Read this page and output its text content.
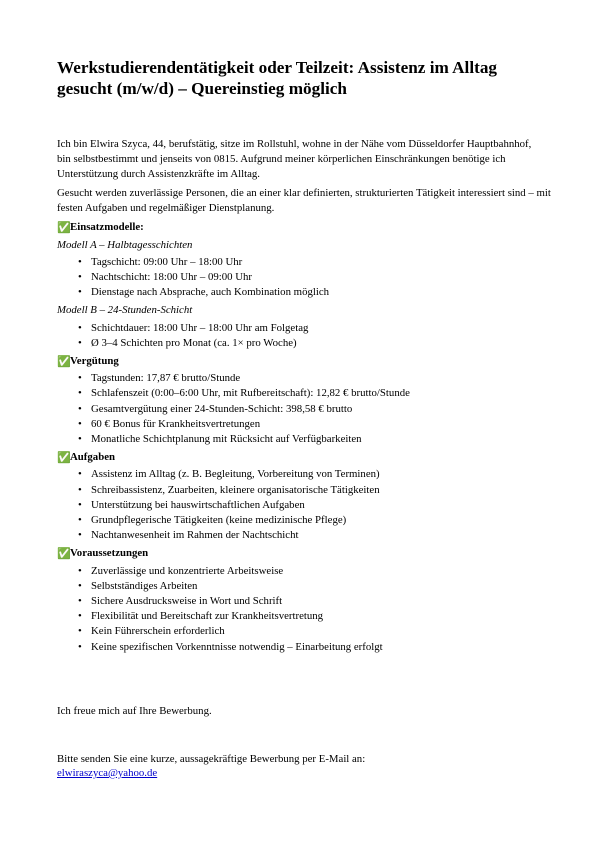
Werkstudierendentätigkeit oder Teilzeit: Assistenz im Alltag gesucht (m/w/d) – Quereinstieg möglich

Ich bin Elwira Szyca, 44, berufstätig, sitze im Rollstuhl, wohne in der Nähe vom Düsseldorfer Hauptbahnhof, bin selbstbestimmt und jenseits von 0815. Aufgrund meiner körperlichen Einschränkungen benötige ich Unterstützung durch Assistenzkräfte im Alltag.

Gesucht werden zuverlässige Personen, die an einer klar definierten, strukturierten Tätigkeit interessiert sind – mit festen Aufgaben und regelmäßiger Dienstplanung.

✅ Einsatzmodelle:
Modell A – Halbtagesschichten
• Tagschicht: 09:00 Uhr – 18:00 Uhr
• Nachtschicht: 18:00 Uhr – 09:00 Uhr
• Dienstage nach Absprache, auch Kombination möglich
Modell B – 24-Stunden-Schicht
• Schichtdauer: 18:00 Uhr – 18:00 Uhr am Folgetag
• Ø 3–4 Schichten pro Monat (ca. 1× pro Woche)
✅ Vergütung
• Tagstunden: 17,87 € brutto/Stunde
• Schlafenszeit (0:00–6:00 Uhr, mit Rufbereitschaft): 12,82 € brutto/Stunde
• Gesamtvergütung einer 24-Stunden-Schicht: 398,58 € brutto
• 60 € Bonus für Krankheitsvertretungen
• Monatliche Schichtplanung mit Rücksicht auf Verfügbarkeiten
✅ Aufgaben
• Assistenz im Alltag (z. B. Begleitung, Vorbereitung von Terminen)
• Schreibassistenz, Zuarbeiten, kleinere organisatorische Tätigkeiten
• Unterstützung bei hauswirtschaftlichen Aufgaben
• Grundpflegerische Tätigkeiten (keine medizinische Pflege)
• Nachtanwesenheit im Rahmen der Nachtschicht
✅ Voraussetzungen
• Zuverlässige und konzentrierte Arbeitsweise
• Selbstständiges Arbeiten
• Sichere Ausdrucksweise in Wort und Schrift
• Flexibilität und Bereitschaft zur Krankheitsvertretung
• Kein Führerschein erforderlich
• Keine spezifischen Vorkenntnisse notwendig – Einarbeitung erfolgt
Ich freue mich auf Ihre Bewerbung.
Bitte senden Sie eine kurze, aussagekräftige Bewerbung per E-Mail an:
elwiraszyca@yahoo.de
